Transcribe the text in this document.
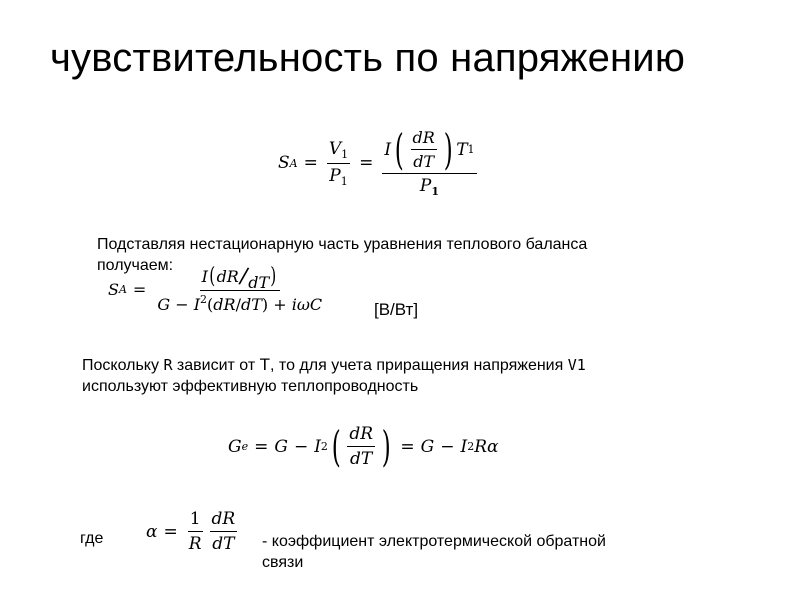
чувствительность по напряжению
S $A = \frac{V_1}{P_1}$ =
I ( $\frac{dR}{dT}$ ) T 1
$P_1$
Подставляя нестационарную часть уравнения теплового баланса
получаем:
S A = I ( dR
/
dT )
$G - I^2(dR/dT) + i\omega C$	[В/Вт]
Поскольку R зависит от Т, то для учета приращения напряжения V1
используют эффективную теплопроводность
G e = G − I 2 ( $\frac{dR}{dT}$ ) = G − I 2 Rα
где	$\alpha = \frac{1}{R} \frac{dR}{dT}$ - коэффициент электротермической обратной
связи
